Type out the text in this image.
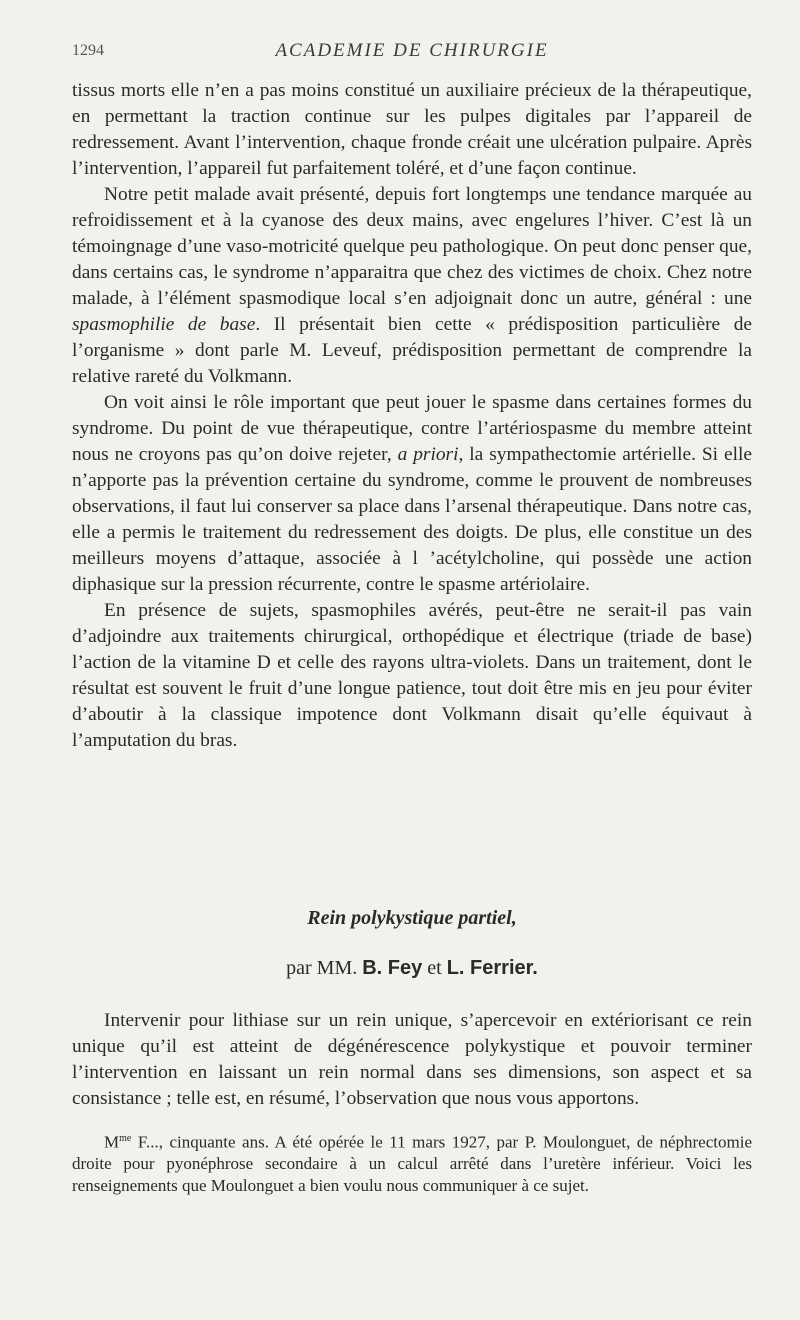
1294	ACADEMIE DE CHIRURGIE

tissus morts elle n’en a pas moins constitué un auxiliaire précieux de la thérapeutique, en permettant la traction continue sur les pulpes digitales par l’appareil de redressement. Avant l’intervention, chaque fronde créait une ulcération pulpaire. Après l’intervention, l’appareil fut parfaitement toléré, et d’une façon continue.

Notre petit malade avait présenté, depuis fort longtemps une tendance marquée au refroidissement et à la cyanose des deux mains, avec engelures l’hiver. C’est là un témoingnage d’une vaso-motricité quelque peu pathologique. On peut donc penser que, dans certains cas, le syndrome n’apparaitra que chez des victimes de choix. Chez notre malade, à l’élément spasmodique local s’en adjoignait donc un autre, général : une spasmophilie de base. Il présentait bien cette « prédisposition particulière de l’organisme » dont parle M. Leveuf, prédisposition permettant de comprendre la relative rareté du Volkmann.

On voit ainsi le rôle important que peut jouer le spasme dans certaines formes du syndrome. Du point de vue thérapeutique, contre l’artériospasme du membre atteint nous ne croyons pas qu’on doive rejeter, a priori, la sympathectomie artérielle. Si elle n’apporte pas la prévention certaine du syndrome, comme le prouvent de nombreuses observations, il faut lui conserver sa place dans l’arsenal thérapeutique. Dans notre cas, elle a permis le traitement du redressement des doigts. De plus, elle constitue un des meilleurs moyens d’attaque, associée à l ’acétylcholine, qui possède une action diphasique sur la pression récurrente, contre le spasme artériolaire.

En présence de sujets, spasmophiles avérés, peut-être ne serait-il pas vain d’adjoindre aux traitements chirurgical, orthopédique et électrique (triade de base) l’action de la vitamine D et celle des rayons ultra-violets. Dans un traitement, dont le résultat est souvent le fruit d’une longue patience, tout doit être mis en jeu pour éviter d’aboutir à la classique impotence dont Volkmann disait qu’elle équivaut à l’amputation du bras.

Rein polykystique partiel,

par MM. B. Fey et L. Ferrier.

Intervenir pour lithiase sur un rein unique, s’apercevoir en extériorisant ce rein unique qu’il est atteint de dégénérescence polykystique et pouvoir terminer l’intervention en laissant un rein normal dans ses dimensions, son aspect et sa consistance ; telle est, en résumé, l’observation que nous vous apportons.

$M^{me}$ F..., cinquante ans. A été opérée le 11 mars 1927, par P. Moulonguet, de néphrectomie droite pour pyonéphrose secondaire à un calcul arrêté dans l’uretère inférieur. Voici les renseignements que Moulonguet a bien voulu nous communiquer à ce sujet.
